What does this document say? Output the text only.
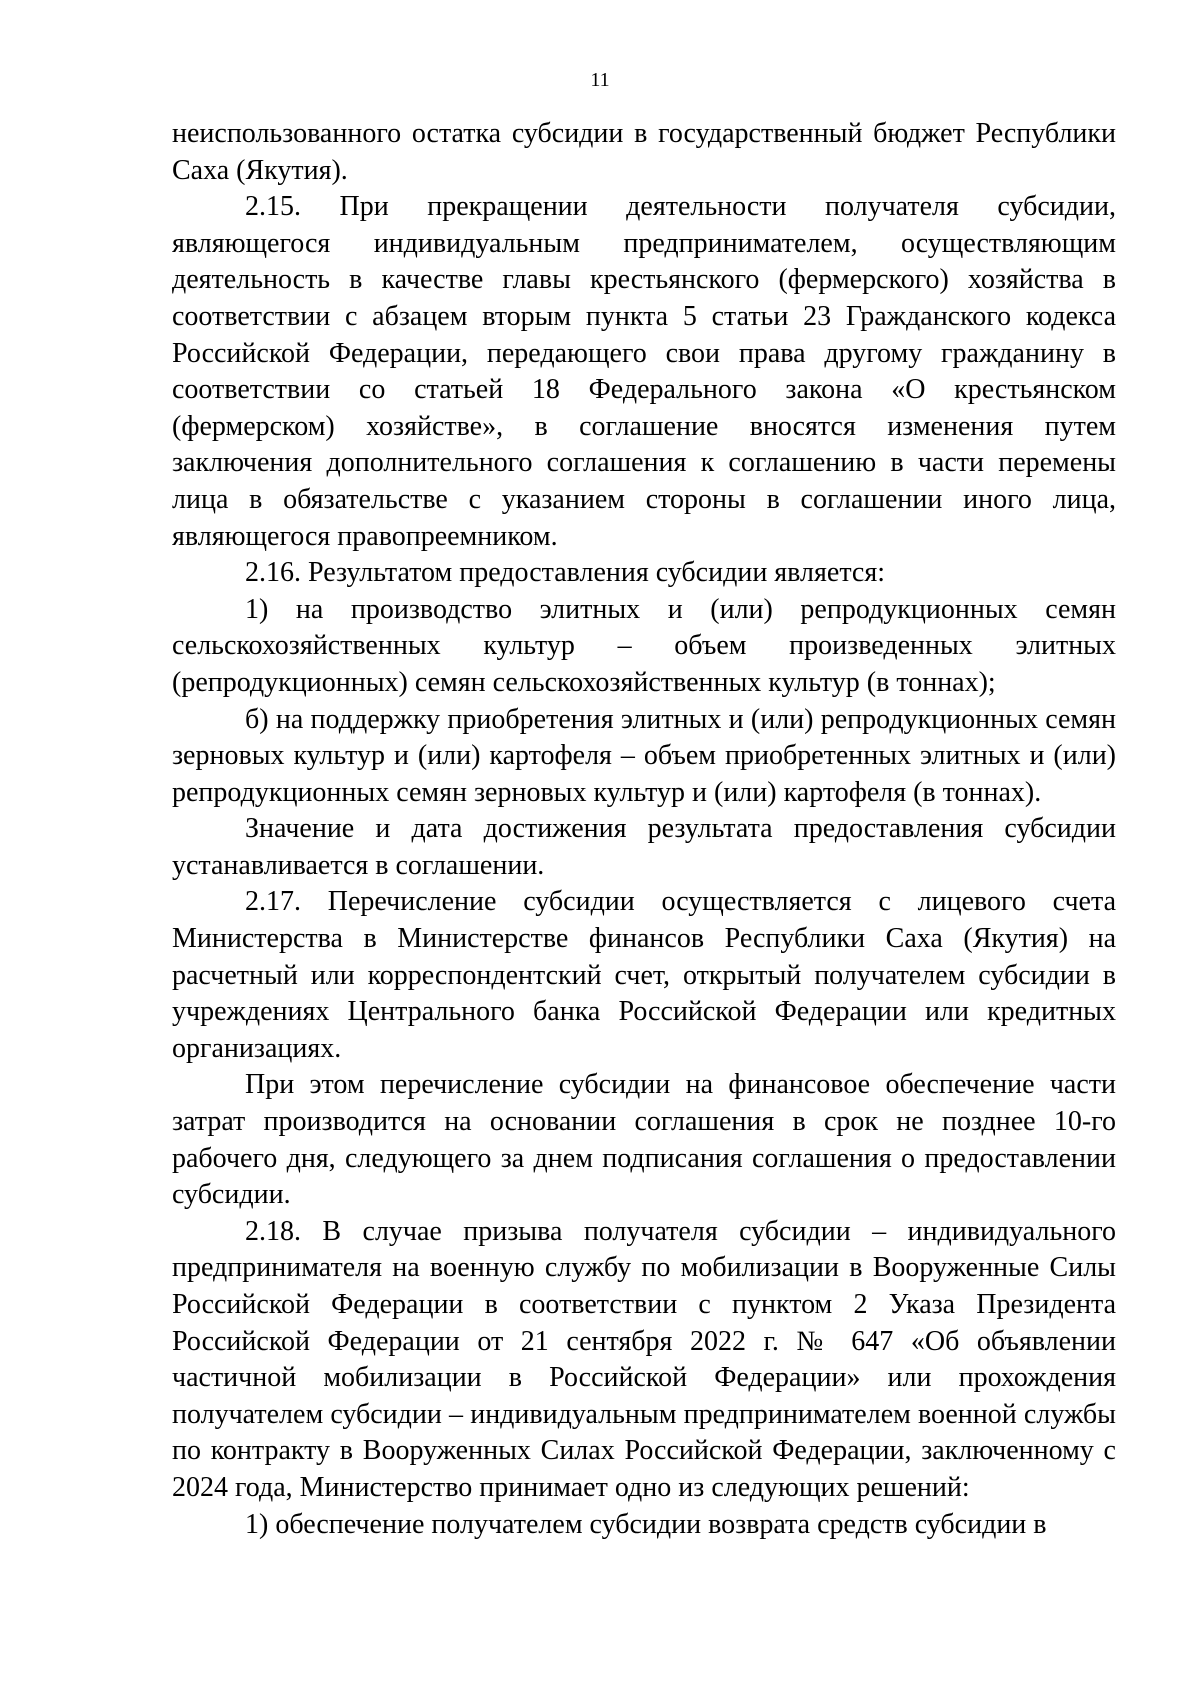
11

неиспользованного остатка субсидии в государственный бюджет Республики Саха (Якутия).

2.15. При прекращении деятельности получателя субсидии, являющегося индивидуальным предпринимателем, осуществляющим деятельность в качестве главы крестьянского (фермерского) хозяйства в соответствии с абзацем вторым пункта 5 статьи 23 Гражданского кодекса Российской Федерации, передающего свои права другому гражданину в соответствии со статьей 18 Федерального закона «О крестьянском (фермерском) хозяйстве», в соглашение вносятся изменения путем заключения дополнительного соглашения к соглашению в части перемены лица в обязательстве с указанием стороны в соглашении иного лица, являющегося правопреемником.

2.16. Результатом предоставления субсидии является:

1) на производство элитных и (или) репродукционных семян сельскохозяйственных культур – объем произведенных элитных (репродукционных) семян сельскохозяйственных культур (в тоннах);

б) на поддержку приобретения элитных и (или) репродукционных семян зерновых культур и (или) картофеля – объем приобретенных элитных и (или) репродукционных семян зерновых культур и (или) картофеля (в тоннах).

Значение и дата достижения результата предоставления субсидии устанавливается в соглашении.

2.17. Перечисление субсидии осуществляется с лицевого счета Министерства в Министерстве финансов Республики Саха (Якутия) на расчетный или корреспондентский счет, открытый получателем субсидии в учреждениях Центрального банка Российской Федерации или кредитных организациях.

При этом перечисление субсидии на финансовое обеспечение части затрат производится на основании соглашения в срок не позднее 10-го рабочего дня, следующего за днем подписания соглашения о предоставлении субсидии.

2.18. В случае призыва получателя субсидии – индивидуального предпринимателя на военную службу по мобилизации в Вооруженные Силы Российской Федерации в соответствии с пунктом 2 Указа Президента Российской Федерации от 21 сентября 2022 г. № 647 «Об объявлении частичной мобилизации в Российской Федерации» или прохождения получателем субсидии – индивидуальным предпринимателем военной службы по контракту в Вооруженных Силах Российской Федерации, заключенному с 2024 года, Министерство принимает одно из следующих решений:

1) обеспечение получателем субсидии возврата средств субсидии в
